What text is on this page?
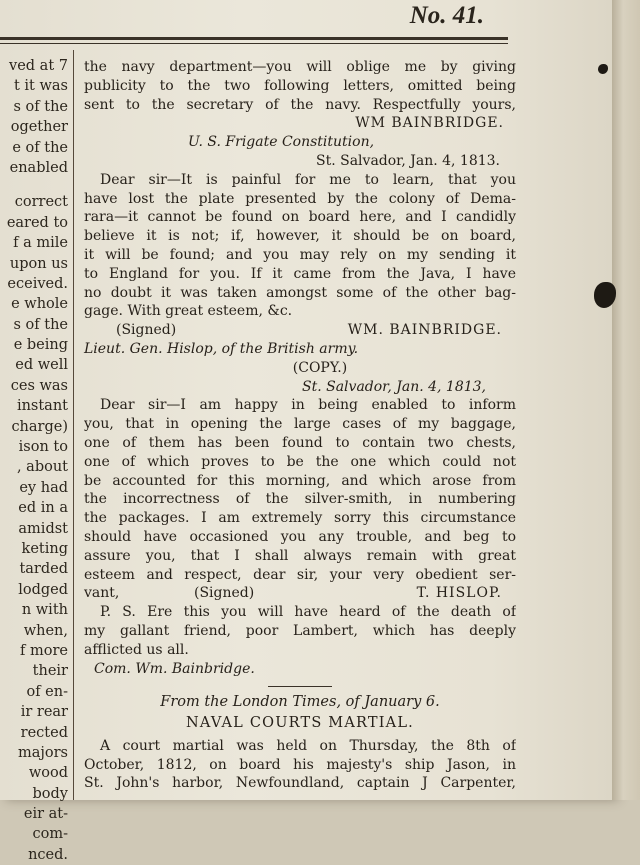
No. 41.
ved at 7
t it was
s of the
ogether
e of the
enabled
correct
eared to
f a mile
upon us
eceived.
e whole
s of the
e being
ed well
ces was
instant
charge)
ison to
, about
ey had
ed in a
amidst
keting
tarded
lodged
n with
when,
f more
their
of en-
ir rear
rected
majors
wood
body
eir at-
com-
nced.
the navy department—you will oblige me by giving
publicity to the two following letters, omitted being
sent to the secretary of the navy. Respectfully yours,
WM BAINBRIDGE.
U. S. Frigate Constitution,
St. Salvador, Jan. 4, 1813.
Dear sir—It is painful for me to learn, that you
have lost the plate presented by the colony of Dema-
rara—it cannot be found on board here, and I candidly
believe it is not; if, however, it should be on board,
it will be found; and you may rely on my sending it
to England for you. If it came from the Java, I have
no doubt it was taken amongst some of the other bag-
gage. With great esteem, &c.
(Signed)	WM. BAINBRIDGE.
Lieut. Gen. Hislop, of the British army.
(COPY.)
St. Salvador, Jan. 4, 1813,
Dear sir—I am happy in being enabled to inform
you, that in opening the large cases of my baggage,
one of them has been found to contain two chests,
one of which proves to be the one which could not
be accounted for this morning, and which arose from
the incorrectness of the silver-smith, in numbering
the packages. I am extremely sorry this circumstance
should have occasioned you any trouble, and beg to
assure you, that I shall always remain with great
esteem and respect, dear sir, your very obedient ser-
vant,	(Signed)	T. HISLOP.
P. S. Ere this you will have heard of the death of
my gallant friend, poor Lambert, which has deeply
afflicted us all.
Com. Wm. Bainbridge.
From the London Times, of January 6.
NAVAL COURTS MARTIAL.
A court martial was held on Thursday, the 8th of
October, 1812, on board his majesty's ship Jason, in
St. John's harbor, Newfoundland, captain J Carpenter,
